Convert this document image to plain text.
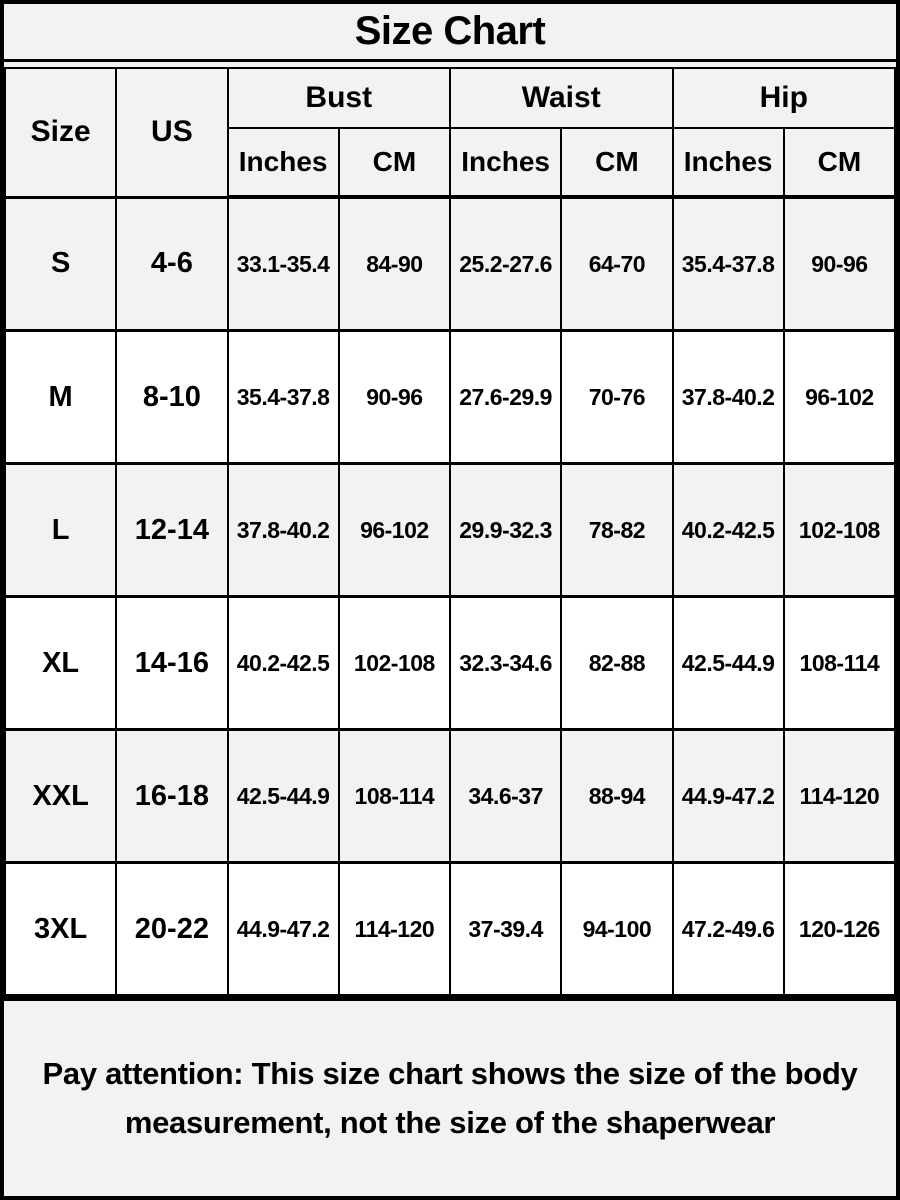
Size Chart
Size	US	Bust		Waist		Hip	
		Inches	CM	Inches	CM	Inches	CM
S	4-6	33.1-35.4	84-90	25.2-27.6	64-70	35.4-37.8	90-96
M	8-10	35.4-37.8	90-96	27.6-29.9	70-76	37.8-40.2	96-102
L	12-14	37.8-40.2	96-102	29.9-32.3	78-82	40.2-42.5	102-108
XL	14-16	40.2-42.5	102-108	32.3-34.6	82-88	42.5-44.9	108-114
XXL	16-18	42.5-44.9	108-114	34.6-37	88-94	44.9-47.2	114-120
3XL	20-22	44.9-47.2	114-120	37-39.4	94-100	47.2-49.6	120-126
Pay attention: This size chart shows the size of the body
measurement, not the size of the shaperwear
